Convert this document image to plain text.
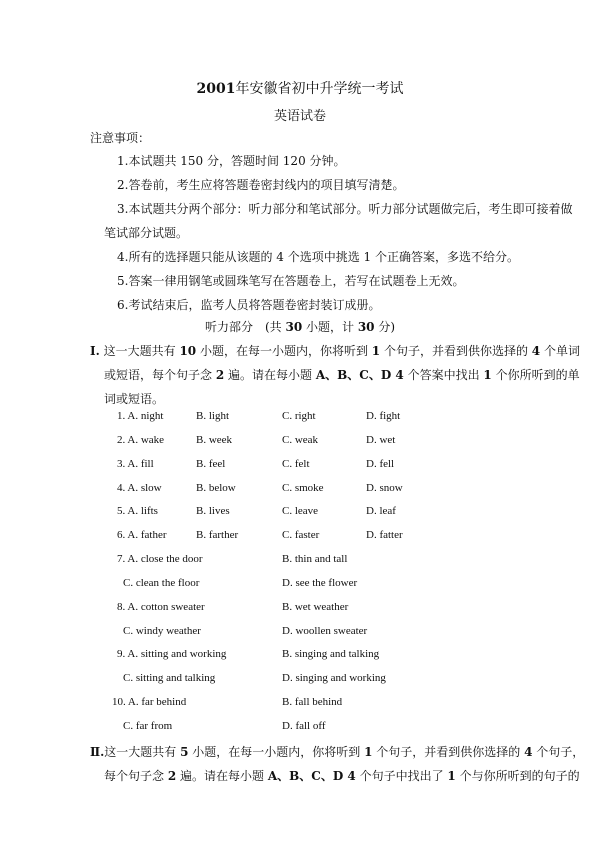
2001年安徽省初中升学统一考试
英语试卷
注意事项：
1.本试题共 150 分，答题时间 120 分钟。
2.答卷前，考生应将答题卷密封线内的项目填写清楚。
3.本试题共分两个部分：听力部分和笔试部分。听力部分试题做完后，考生即可接着做
笔试部分试题。
4.所有的选择题只能从该题的 4 个选项中挑选 1 个正确答案，多选不给分。
5.答案一律用钢笔或圆珠笔写在答题卷上，若写在试题卷上无效。
6.考试结束后，监考人员将答题卷密封装订成册。
听力部分　(共 30 小题，计 30 分)
I. 这一大题共有 10 小题，在每一小题内，你将听到 1 个句子，并看到供你选择的 4 个单词
或短语，每个句子念 2 遍。请在每小题 A、B、C、D 4 个答案中找出 1 个你所听到的单
词或短语。
1. A. night	B. light	C. right	D. fight
2. A. wake	B. week	C. weak	D. wet
3. A. fill	B. feel	C. felt	D. fell
4. A. slow	B. below	C. smoke	D. snow
5. A. lifts	B. lives	C. leave	D. leaf
6. A. father	B. farther	C. faster	D. fatter
7. A. close the door	B. thin and tall
C. clean the floor	D. see the flower
8. A. cotton sweater	B. wet weather
C. windy weather	D. woollen sweater
9. A. sitting and working	B. singing and talking
C. sitting and talking	D. singing and working
10. A. far behind	B. fall behind
C. far from	D. fall off
Ⅱ.这一大题共有 5 小题，在每一小题内，你将听到 1 个句子，并看到供你选择的 4 个句子，
每个句子念 2 遍。请在每小题 A、B、C、D 4 个句子中找出了 1 个与你所听到的句子的
